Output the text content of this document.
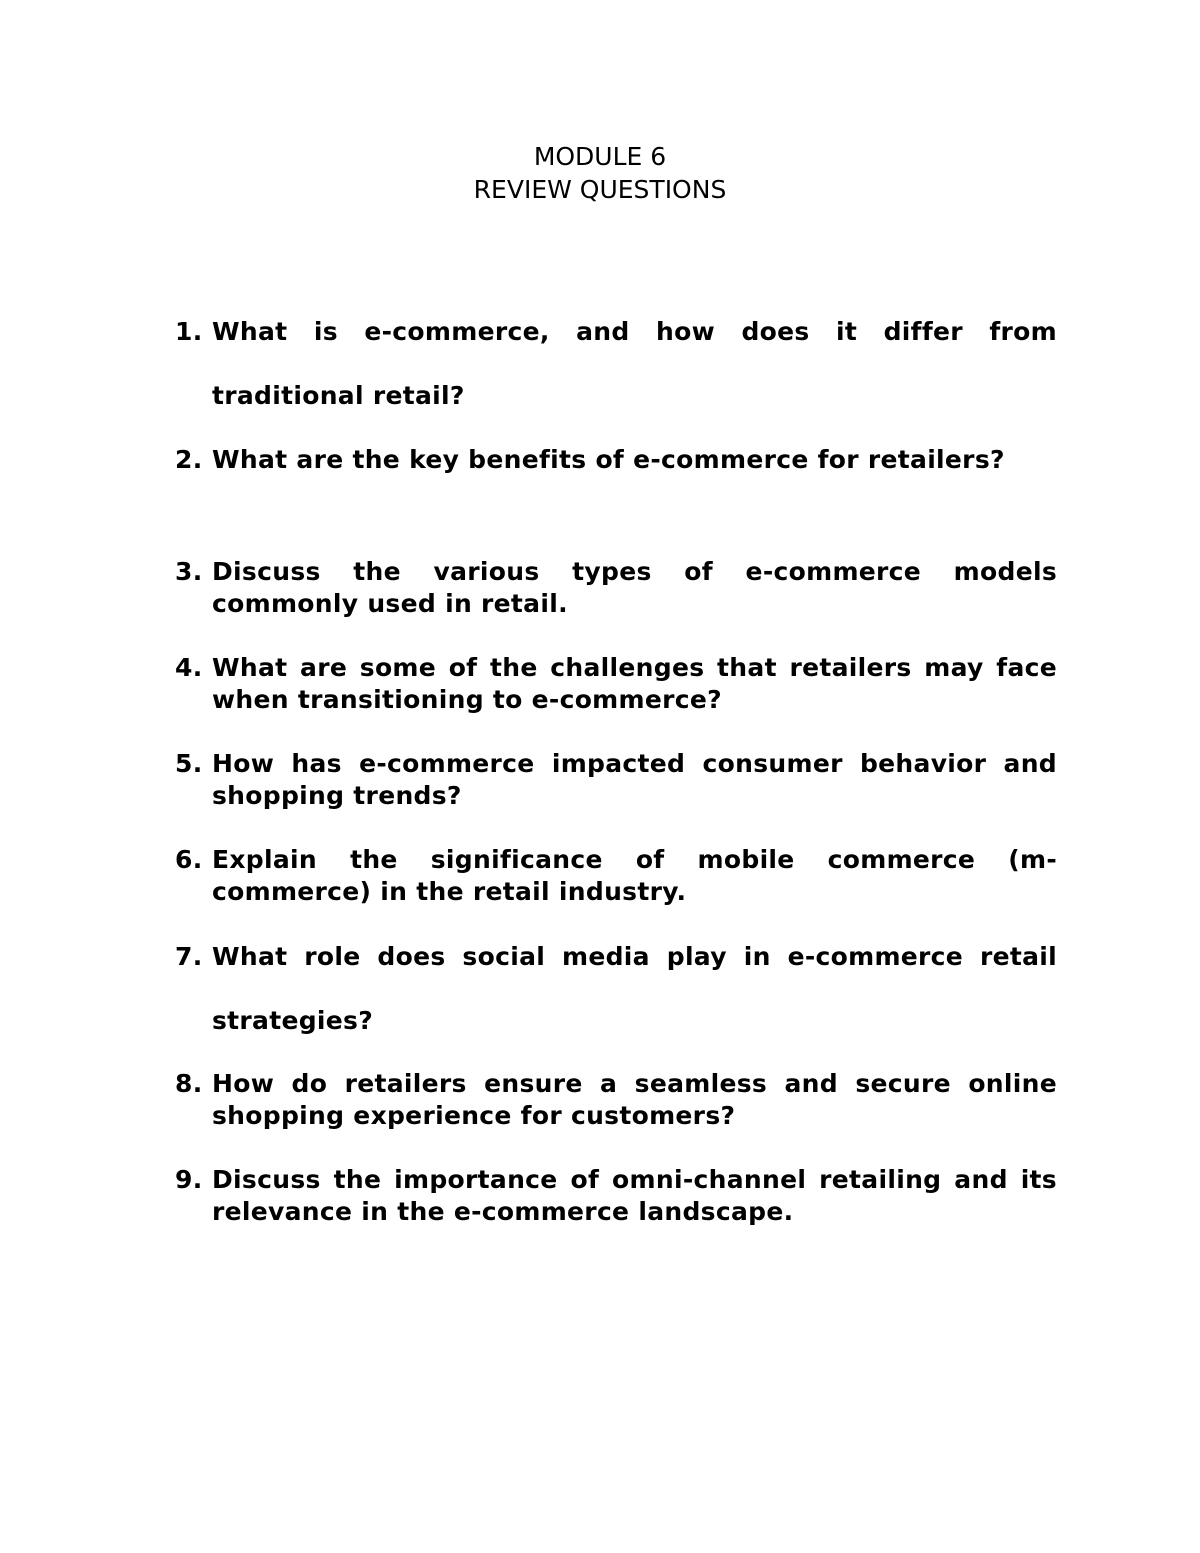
MODULE 6
REVIEW QUESTIONS
1. What is e-commerce, and how does it differ from traditional retail?
2. What are the key benefits of e-commerce for retailers?
3. Discuss the various types of e-commerce models commonly used in retail.
4. What are some of the challenges that retailers may face when transitioning to e-commerce?
5. How has e-commerce impacted consumer behavior and shopping trends?
6. Explain the significance of mobile commerce (m-commerce) in the retail industry.
7. What role does social media play in e-commerce retail strategies?
8. How do retailers ensure a seamless and secure online shopping experience for customers?
9. Discuss the importance of omni-channel retailing and its relevance in the e-commerce landscape.
